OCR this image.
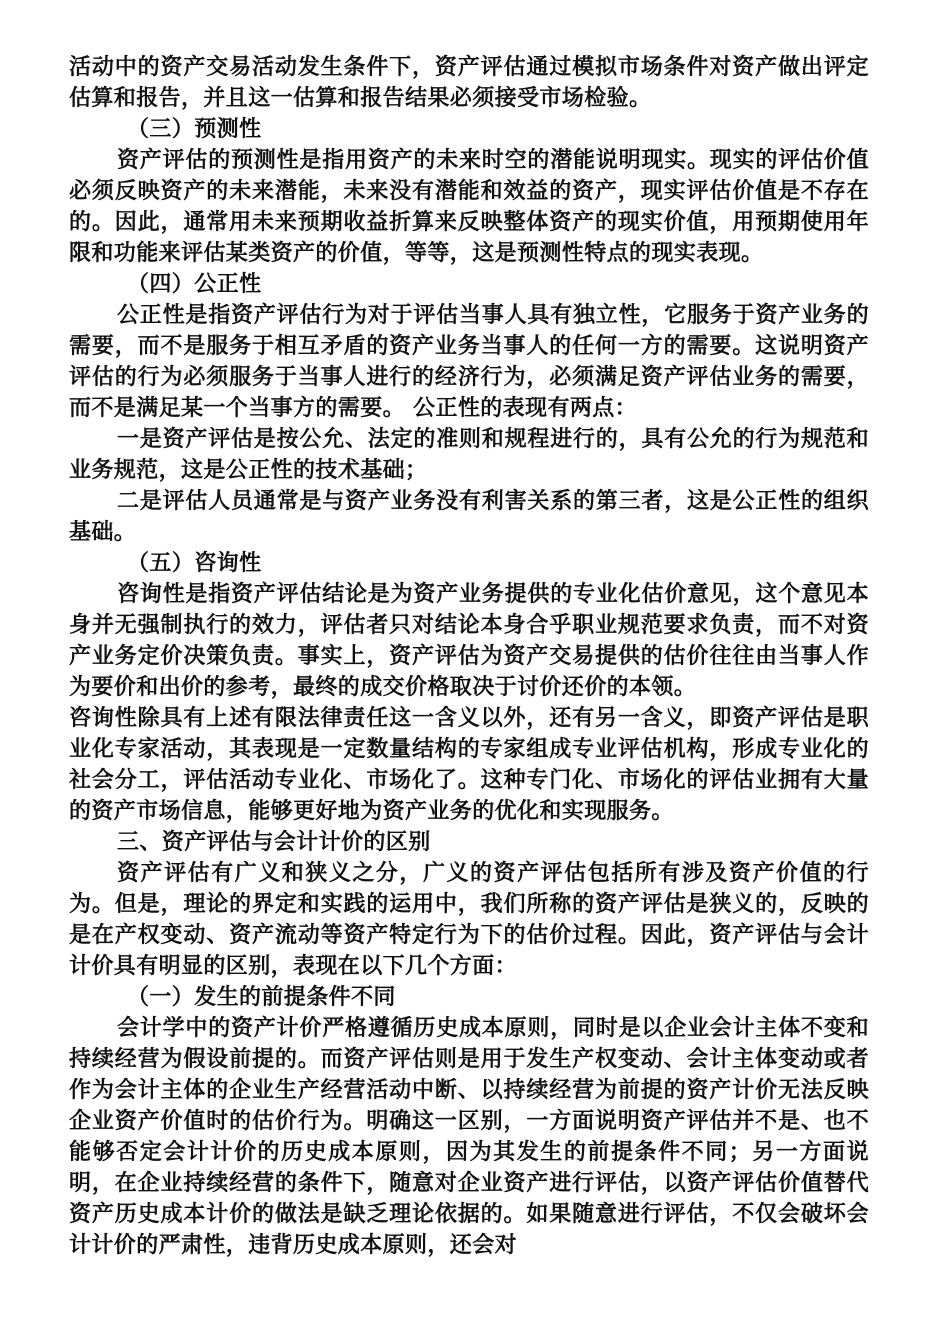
活动中的资产交易活动发生条件下，资产评估通过模拟市场条件对资产做出评定估算和报告，并且这一估算和报告结果必须接受市场检验。

（三）预测性

资产评估的预测性是指用资产的未来时空的潜能说明现实。现实的评估价值必须反映资产的未来潜能，未来没有潜能和效益的资产，现实评估价值是不存在的。因此，通常用未来预期收益折算来反映整体资产的现实价值，用预期使用年限和功能来评估某类资产的价值，等等，这是预测性特点的现实表现。

（四）公正性

公正性是指资产评估行为对于评估当事人具有独立性，它服务于资产业务的需要，而不是服务于相互矛盾的资产业务当事人的任何一方的需要。这说明资产评估的行为必须服务于当事人进行的经济行为，必须满足资产评估业务的需要，而不是满足某一个当事方的需要。 公正性的表现有两点：

一是资产评估是按公允、法定的准则和规程进行的，具有公允的行为规范和业务规范，这是公正性的技术基础；

二是评估人员通常是与资产业务没有利害关系的第三者，这是公正性的组织基础。

（五）咨询性

咨询性是指资产评估结论是为资产业务提供的专业化估价意见，这个意见本身并无强制执行的效力，评估者只对结论本身合乎职业规范要求负责，而不对资产业务定价决策负责。事实上，资产评估为资产交易提供的估价往往由当事人作为要价和出价的参考，最终的成交价格取决于讨价还价的本领。

咨询性除具有上述有限法律责任这一含义以外，还有另一含义，即资产评估是职业化专家活动，其表现是一定数量结构的专家组成专业评估机构，形成专业化的社会分工，评估活动专业化、市场化了。这种专门化、市场化的评估业拥有大量的资产市场信息，能够更好地为资产业务的优化和实现服务。

三、资产评估与会计计价的区别

资产评估有广义和狭义之分，广义的资产评估包括所有涉及资产价值的行为。但是，理论的界定和实践的运用中，我们所称的资产评估是狭义的，反映的是在产权变动、资产流动等资产特定行为下的估价过程。因此，资产评估与会计计价具有明显的区别，表现在以下几个方面：

（一）发生的前提条件不同

会计学中的资产计价严格遵循历史成本原则，同时是以企业会计主体不变和持续经营为假设前提的。而资产评估则是用于发生产权变动、会计主体变动或者作为会计主体的企业生产经营活动中断、以持续经营为前提的资产计价无法反映企业资产价值时的估价行为。明确这一区别，一方面说明资产评估并不是、也不能够否定会计计价的历史成本原则，因为其发生的前提条件不同；另一方面说明，在企业持续经营的条件下，随意对企业资产进行评估，以资产评估价值替代资产历史成本计价的做法是缺乏理论依据的。如果随意进行评估，不仅会破坏会计计价的严肃性，违背历史成本原则，还会对
